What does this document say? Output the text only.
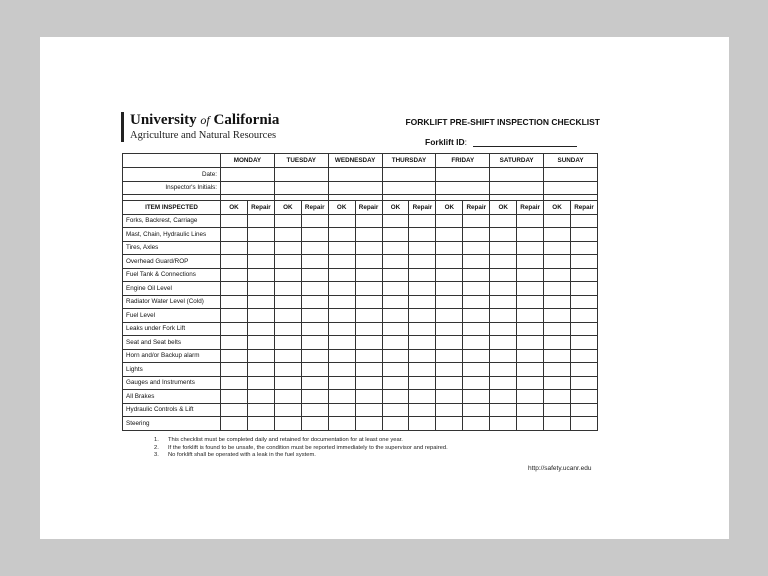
University of California
Agriculture and Natural Resources
FORKLIFT PRE-SHIFT INSPECTION CHECKLIST
Forklift ID :
	MONDAY		TUESDAY		WEDNESDAY		THURSDAY		FRIDAY		SATURDAY		SUNDAY	
Date:														
Inspector's Initials:														

ITEM INSPECTED	OK	Repair	OK	Repair	OK	Repair	OK	Repair	OK	Repair	OK	Repair	OK	Repair
Forks, Backrest, Carriage														
Mast, Chain, Hydraulic Lines														
Tires, Axles														
Overhead Guard/ROP														
Fuel Tank & Connections														
Engine Oil Level														
Radiator Water Level (Cold)														
Fuel Level														
Leaks under Fork Lift														
Seat and Seat belts														
Horn and/or Backup alarm														
Lights														
Gauges and Instruments														
All Brakes														
Hydraulic Controls & Lift														
Steering														
1. This checklist must be completed daily and retained for documentation for at least one year.
2. If the forklift is found to be unsafe, the condition must be reported immediately to the supervisor and repaired.
3. No forklift shall be operated with a leak in the fuel system.
http://safety.ucanr.edu
